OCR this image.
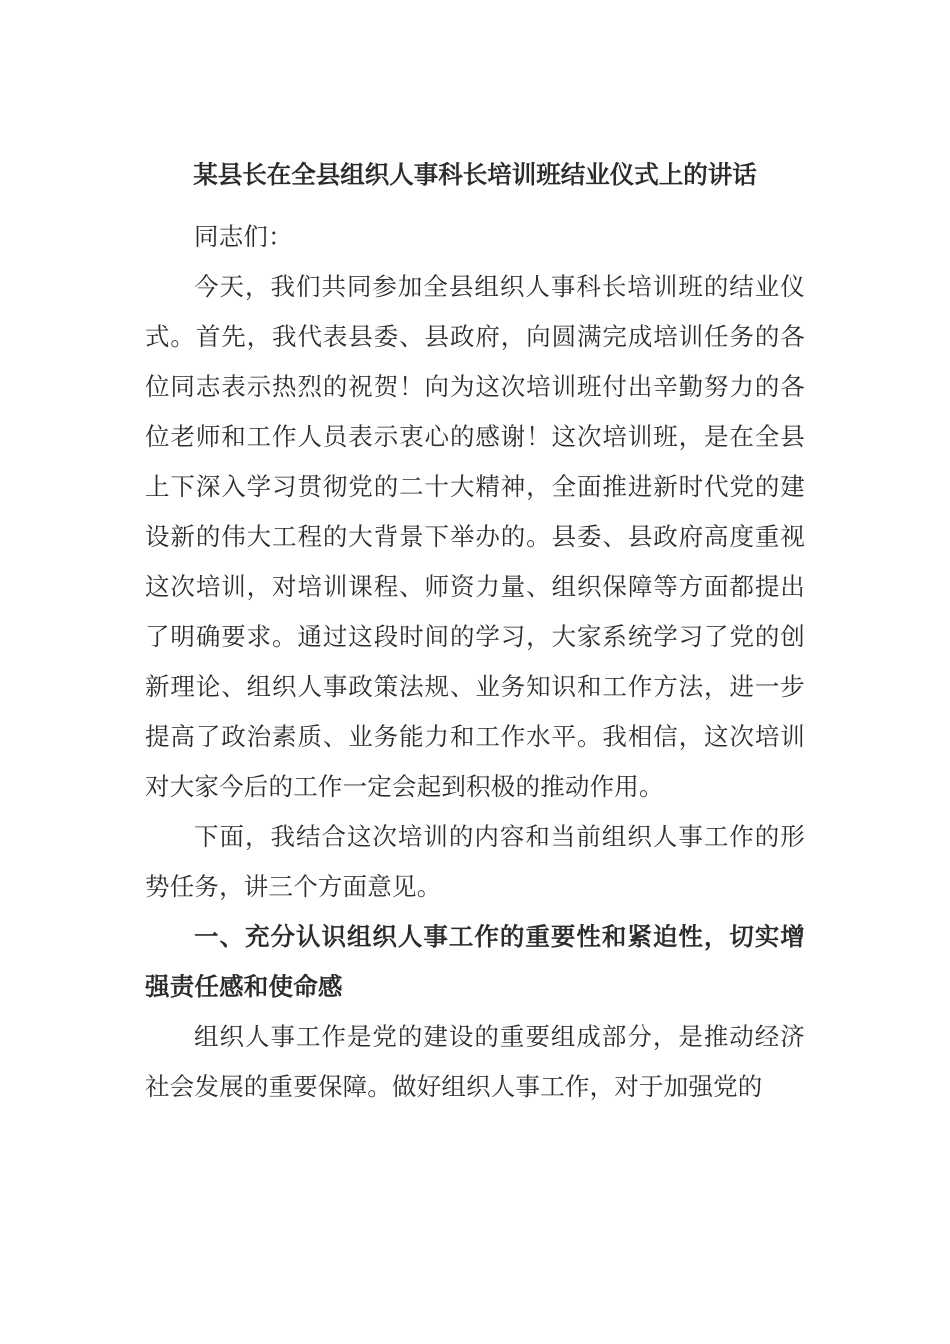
某县长在全县组织人事科长培训班结业仪式上的讲话

同志们：

今天，我们共同参加全县组织人事科长培训班的结业仪式。首先，我代表县委、县政府，向圆满完成培训任务的各位同志表示热烈的祝贺！向为这次培训班付出辛勤努力的各位老师和工作人员表示衷心的感谢！这次培训班，是在全县上下深入学习贯彻党的二十大精神，全面推进新时代党的建设新的伟大工程的大背景下举办的。县委、县政府高度重视这次培训，对培训课程、师资力量、组织保障等方面都提出了明确要求。通过这段时间的学习，大家系统学习了党的创新理论、组织人事政策法规、业务知识和工作方法，进一步提高了政治素质、业务能力和工作水平。我相信，这次培训对大家今后的工作一定会起到积极的推动作用。

下面，我结合这次培训的内容和当前组织人事工作的形势任务，讲三个方面意见。

一、充分认识组织人事工作的重要性和紧迫性，切实增强责任感和使命感

组织人事工作是党的建设的重要组成部分，是推动经济社会发展的重要保障。做好组织人事工作，对于加强党的
